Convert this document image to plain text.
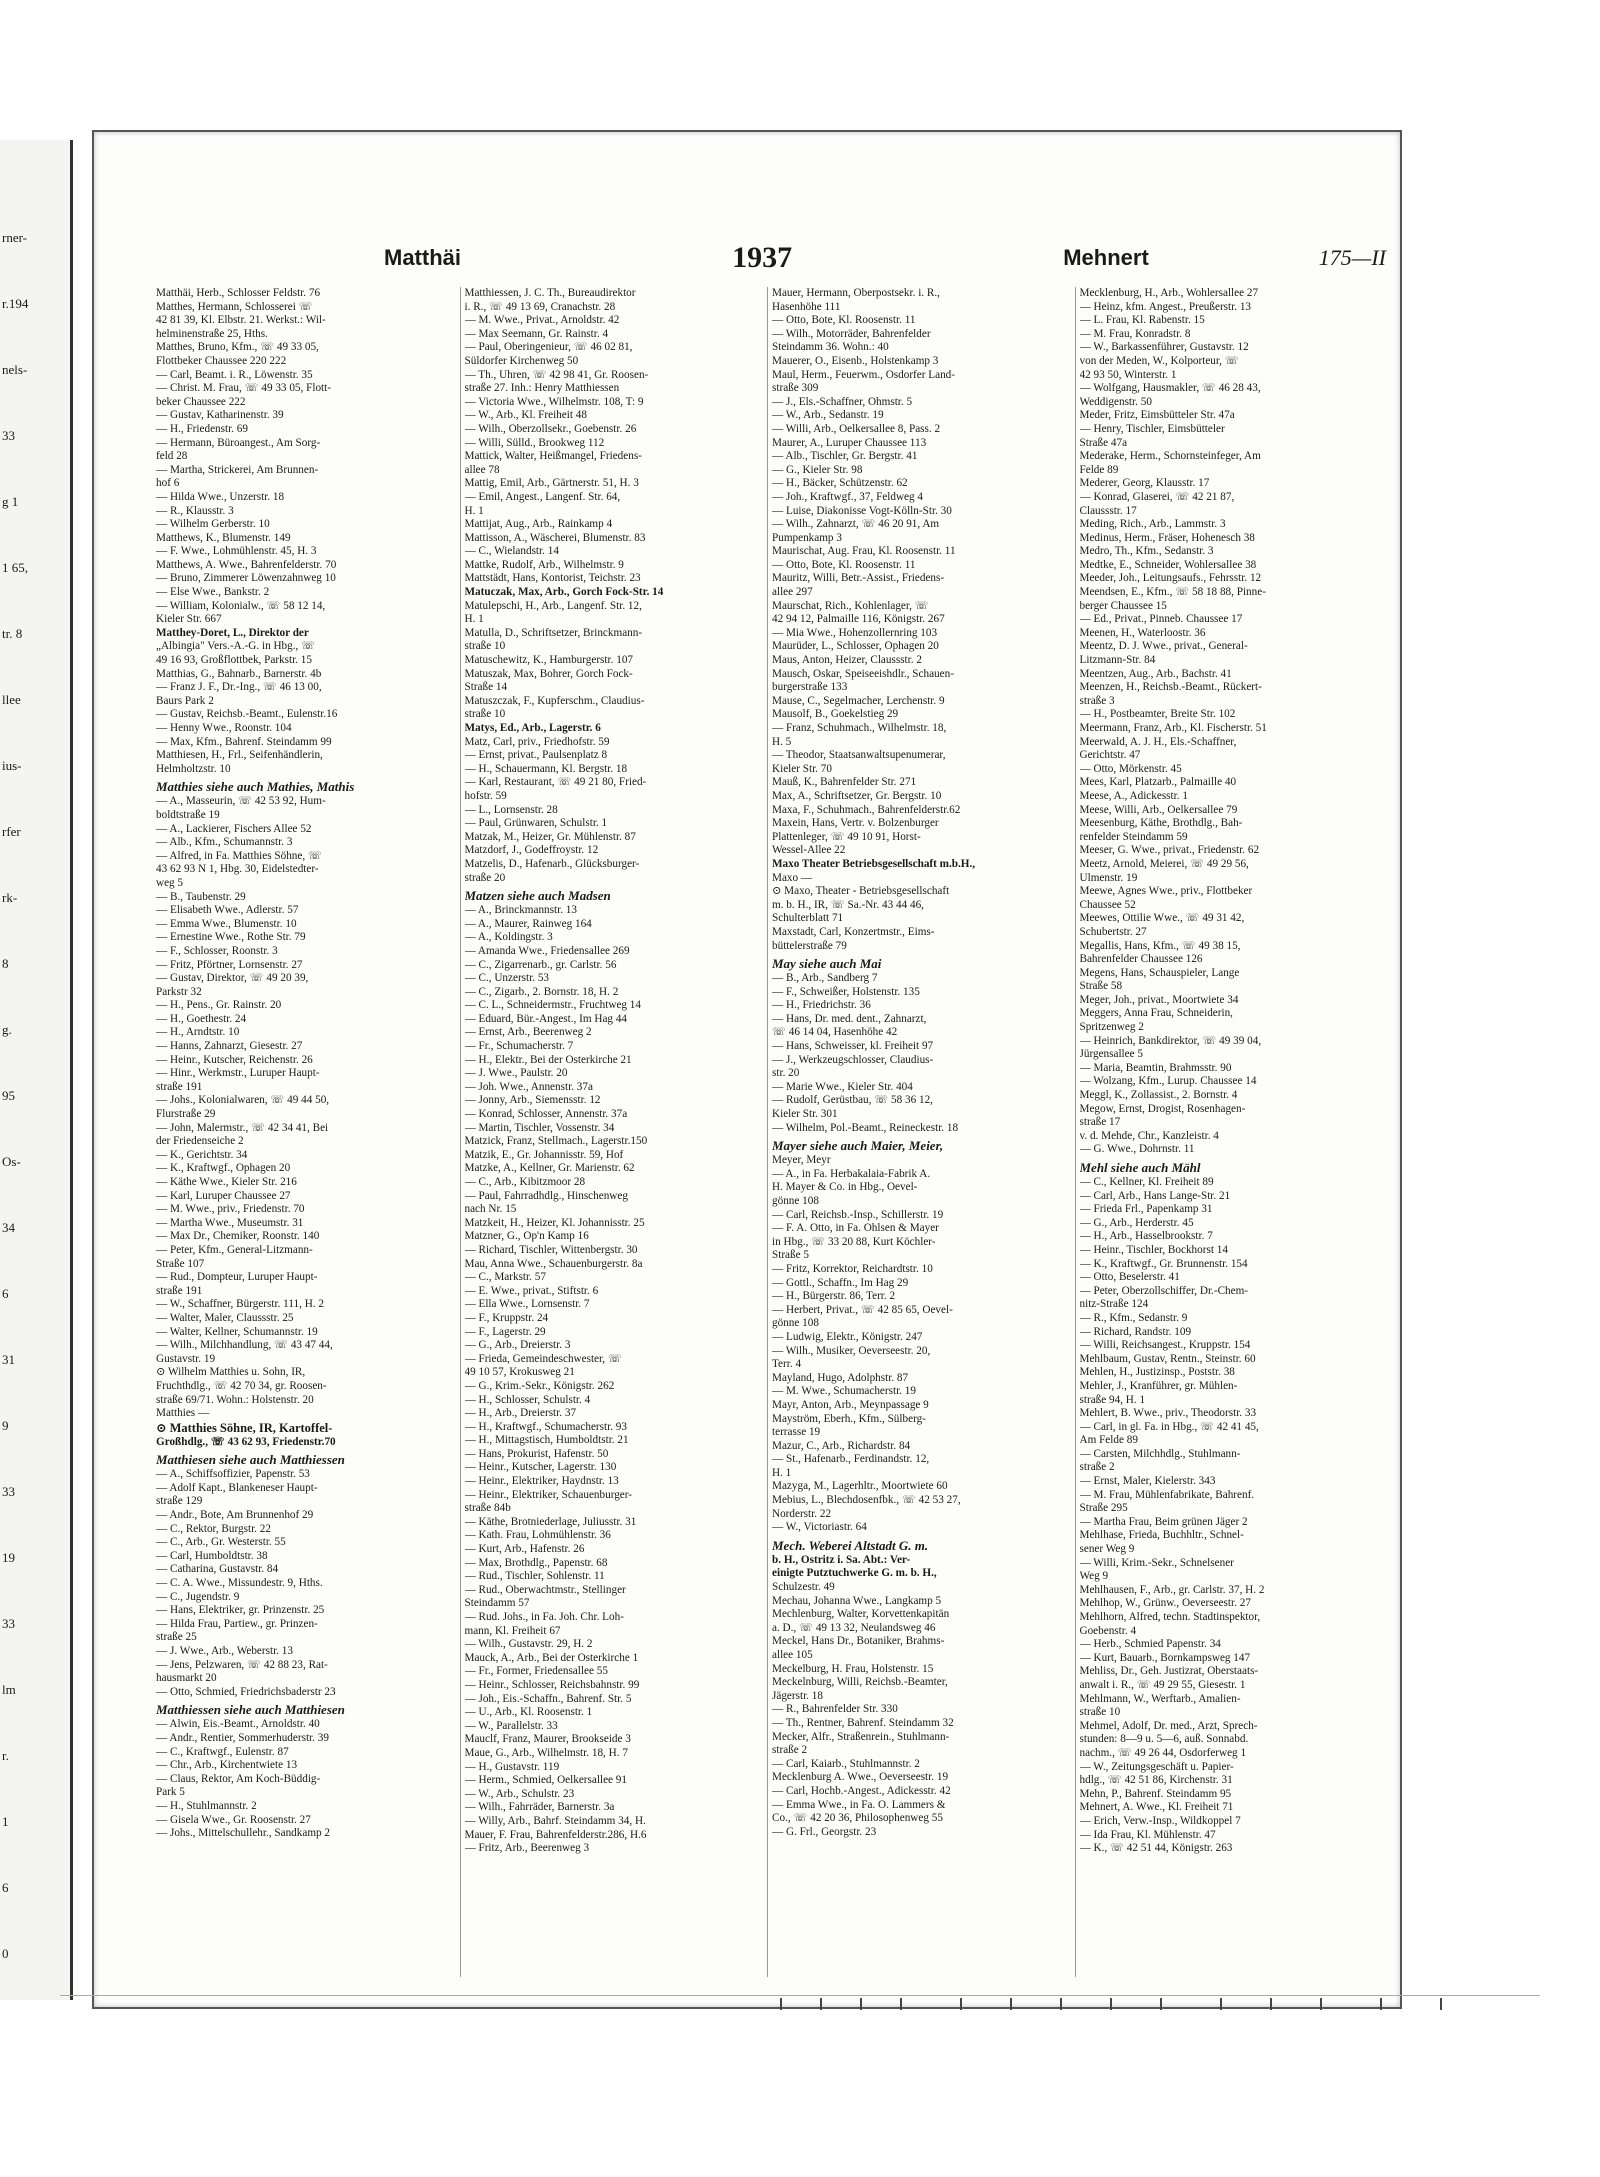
rner-
r.194
nels-
33
g 1
1 65,
tr. 8
llee
ius-
rfer
rk-
8
g.
95
Os-
34
6
31
9
33
19
33
lm
r.
1
6
0
Matthäi	1937	Mehnert	175—II
Matthäi, Herb., Schlosser Feldstr. 76
Matthes, Hermann, Schlosserei ☏
42 81 39, Kl. Elbstr. 21. Werkst.: Wil-
helminenstraße 25, Hths.
Matthes, Bruno, Kfm., ☏ 49 33 05,
Flottbeker Chaussee 220 222
— Carl, Beamt. i. R., Löwenstr. 35
— Christ. M. Frau, ☏ 49 33 05, Flott-
beker Chaussee 222
— Gustav, Katharinenstr. 39
— H., Friedenstr. 69
— Hermann, Büroangest., Am Sorg-
feld 28
— Martha, Strickerei, Am Brunnen-
hof 6
— Hilda Wwe., Unzerstr. 18
— R., Klausstr. 3
— Wilhelm Gerberstr. 10
Matthews, K., Blumenstr. 149
— F. Wwe., Lohmühlenstr. 45, H. 3
Matthews, A. Wwe., Bahrenfelderstr. 70
— Bruno, Zimmerer Löwenzahnweg 10
— Else Wwe., Bankstr. 2
— William, Kolonialw., ☏ 58 12 14,
Kieler Str. 667
Matthey-Doret, L., Direktor der
„Albingia" Vers.-A.-G. in Hbg., ☏
49 16 93, Großflottbek, Parkstr. 15
Matthias, G., Bahnarb., Barnerstr. 4b
— Franz J. F., Dr.-Ing., ☏ 46 13 00,
Baurs Park 2
— Gustav, Reichsb.-Beamt., Eulenstr.16
— Henny Wwe., Roonstr. 104
— Max, Kfm., Bahrenf. Steindamm 99
Matthiesen, H., Frl., Seifenhändlerin,
Helmholtzstr. 10
Matthies siehe auch Mathies, Mathis
— A., Masseurin, ☏ 42 53 92, Hum-
boldtstraße 19
— A., Lackierer, Fischers Allee 52
— Alb., Kfm., Schumannstr. 3
— Alfred, in Fa. Matthies Söhne, ☏
43 62 93 N 1, Hbg. 30, Eidelstedter-
weg 5
— B., Taubenstr. 29
— Elisabeth Wwe., Adlerstr. 57
— Emma Wwe., Blumenstr. 10
— Ernestine Wwe., Rothe Str. 79
— F., Schlosser, Roonstr. 3
— Fritz, Pförtner, Lornsenstr. 27
— Gustav, Direktor, ☏ 49 20 39,
Parkstr 32
— H., Pens., Gr. Rainstr. 20
— H., Goethestr. 24
— H., Arndtstr. 10
— Hanns, Zahnarzt, Giesestr. 27
— Heinr., Kutscher, Reichenstr. 26
— Hinr., Werkmstr., Luruper Haupt-
straße 191
— Johs., Kolonialwaren, ☏ 49 44 50,
Flurstraße 29
— John, Malermstr., ☏ 42 34 41, Bei
der Friedenseiche 2
— K., Gerichtstr. 34
— K., Kraftwgf., Ophagen 20
— Käthe Wwe., Kieler Str. 216
— Karl, Luruper Chaussee 27
— M. Wwe., priv., Friedenstr. 70
— Martha Wwe., Museumstr. 31
— Max Dr., Chemiker, Roonstr. 140
— Peter, Kfm., General-Litzmann-
Straße 107
— Rud., Dompteur, Luruper Haupt-
straße 191
— W., Schaffner, Bürgerstr. 111, H. 2
— Walter, Maler, Claussstr. 25
— Walter, Kellner, Schumannstr. 19
— Wilh., Milchhandlung, ☏ 43 47 44,
Gustavstr. 19
⊙ Wilhelm Matthies u. Sohn, IR,
Fruchthdlg., ☏ 42 70 34, gr. Roosen-
straße 69/71. Wohn.: Holstenstr. 20
Matthies —
⊙ Matthies Söhne, IR, Kartoffel-
Großhdlg., ☏ 43 62 93, Friedenstr.70
Matthiesen siehe auch Matthiessen
— A., Schiffsoffizier, Papenstr. 53
— Adolf Kapt., Blankeneser Haupt-
straße 129
— Andr., Bote, Am Brunnenhof 29
— C., Rektor, Burgstr. 22
— C., Arb., Gr. Westerstr. 55
— Carl, Humboldtstr. 38
— Catharina, Gustavstr. 84
— C. A. Wwe., Missundestr. 9, Hths.
— C., Jugendstr. 9
— Hans, Elektriker, gr. Prinzenstr. 25
— Hilda Frau, Partiew., gr. Prinzen-
straße 25
— J. Wwe., Arb., Weberstr. 13
— Jens, Pelzwaren, ☏ 42 88 23, Rat-
hausmarkt 20
— Otto, Schmied, Friedrichsbaderstr 23
Matthiessen siehe auch Matthiesen
— Alwin, Eis.-Beamt., Arnoldstr. 40
— Andr., Rentier, Sommerhuderstr. 39
— C., Kraftwgf., Eulenstr. 87
— Chr., Arb., Kirchentwiete 13
— Claus, Rektor, Am Koch-Büddig-
Park 5
— H., Stuhlmannstr. 2
— Gisela Wwe., Gr. Roosenstr. 27
— Johs., Mittelschullehr., Sandkamp 2
Matthiessen, J. C. Th., Bureaudirektor
i. R., ☏ 49 13 69, Cranachstr. 28
— M. Wwe., Privat., Arnoldstr. 42
— Max Seemann, Gr. Rainstr. 4
— Paul, Oberingenieur, ☏ 46 02 81,
Süldorfer Kirchenweg 50
— Th., Uhren, ☏ 42 98 41, Gr. Roosen-
straße 27. Inh.: Henry Matthiessen
— Victoria Wwe., Wilhelmstr. 108, T: 9
— W., Arb., Kl. Freiheit 48
— Wilh., Oberzollsekr., Goebenstr. 26
— Willi, Sülld., Brookweg 112
Mattick, Walter, Heißmangel, Friedens-
allee 78
Mattig, Emil, Arb., Gärtnerstr. 51, H. 3
— Emil, Angest., Langenf. Str. 64,
H. 1
Mattijat, Aug., Arb., Rainkamp 4
Mattisson, A., Wäscherei, Blumenstr. 83
— C., Wielandstr. 14
Mattke, Rudolf, Arb., Wilhelmstr. 9
Mattstädt, Hans, Kontorist, Teichstr. 23
Matuczak, Max, Arb., Gorch Fock-Str. 14
Matulepschi, H., Arb., Langenf. Str. 12,
H. 1
Matulla, D., Schriftsetzer, Brinckmann-
straße 10
Matuschewitz, K., Hamburgerstr. 107
Matuszak, Max, Bohrer, Gorch Fock-
Straße 14
Matuszczak, F., Kupferschm., Claudius-
straße 10
Matys, Ed., Arb., Lagerstr. 6
Matz, Carl, priv., Friedhofstr. 59
— Ernst, privat., Paulsenplatz 8
— H., Schauermann, Kl. Bergstr. 18
— Karl, Restaurant, ☏ 49 21 80, Fried-
hofstr. 59
— L., Lornsenstr. 28
— Paul, Grünwaren, Schulstr. 1
Matzak, M., Heizer, Gr. Mühlenstr. 87
Matzdorf, J., Godeffroystr. 12
Matzelis, D., Hafenarb., Glücksburger-
straße 20
Matzen siehe auch Madsen
— A., Brinckmannstr. 13
— A., Maurer, Rainweg 164
— A., Koldingstr. 3
— Amanda Wwe., Friedensallee 269
— C., Zigarrenarb., gr. Carlstr. 56
— C., Unzerstr. 53
— C., Zigarb., 2. Bornstr. 18, H. 2
— C. L., Schneidermstr., Fruchtweg 14
— Eduard, Bür.-Angest., Im Hag 44
— Ernst, Arb., Beerenweg 2
— Fr., Schumacherstr. 7
— H., Elektr., Bei der Osterkirche 21
— J. Wwe., Paulstr. 20
— Joh. Wwe., Annenstr. 37a
— Jonny, Arb., Siemensstr. 12
— Konrad, Schlosser, Annenstr. 37a
— Martin, Tischler, Vossenstr. 34
Matzick, Franz, Stellmach., Lagerstr.150
Matzik, E., Gr. Johannisstr. 59, Hof
Matzke, A., Kellner, Gr. Marienstr. 62
— C., Arb., Kibitzmoor 28
— Paul, Fahrradhdlg., Hinschenweg
nach Nr. 15
Matzkeit, H., Heizer, Kl. Johannisstr. 25
Matzner, G., Op'n Kamp 16
— Richard, Tischler, Wittenbergstr. 30
Mau, Anna Wwe., Schauenburgerstr. 8a
— C., Markstr. 57
— E. Wwe., privat., Stiftstr. 6
— Ella Wwe., Lornsenstr. 7
— F., Kruppstr. 24
— F., Lagerstr. 29
— G., Arb., Dreierstr. 3
— Frieda, Gemeindeschwester, ☏
49 10 57, Krokusweg 21
— G., Krim.-Sekr., Königstr. 262
— H., Schlosser, Schulstr. 4
— H., Arb., Dreierstr. 37
— H., Kraftwgf., Schumacherstr. 93
— H., Mittagstisch, Humboldtstr. 21
— Hans, Prokurist, Hafenstr. 50
— Heinr., Kutscher, Lagerstr. 130
— Heinr., Elektriker, Haydnstr. 13
— Heinr., Elektriker, Schauenburger-
straße 84b
— Käthe, Brotniederlage, Juliusstr. 31
— Kath. Frau, Lohmühlenstr. 36
— Kurt, Arb., Hafenstr. 26
— Max, Brothdlg., Papenstr. 68
— Rud., Tischler, Sohlenstr. 11
— Rud., Oberwachtmstr., Stellinger
Steindamm 57
— Rud. Johs., in Fa. Joh. Chr. Loh-
mann, Kl. Freiheit 67
— Wilh., Gustavstr. 29, H. 2
Mauck, A., Arb., Bei der Osterkirche 1
— Fr., Former, Friedensallee 55
— Heinr., Schlosser, Reichsbahnstr. 99
— Joh., Eis.-Schaffn., Bahrenf. Str. 5
— U., Arb., Kl. Roosenstr. 1
— W., Parallelstr. 33
Mauclf, Franz, Maurer, Brookseide 3
Maue, G., Arb., Wilhelmstr. 18, H. 7
— H., Gustavstr. 119
— Herm., Schmied, Oelkersallee 91
— W., Arb., Schulstr. 23
— Wilh., Fahrräder, Barnerstr. 3a
— Willy, Arb., Bahrf. Steindamm 34, H.
Mauer, F. Frau, Bahrenfelderstr.286, H.6
— Fritz, Arb., Beerenweg 3
Mauer, Hermann, Oberpostsekr. i. R.,
Hasenhöhe 111
— Otto, Bote, Kl. Roosenstr. 11
— Wilh., Motorräder, Bahrenfelder
Steindamm 36. Wohn.: 40
Mauerer, O., Eisenb., Holstenkamp 3
Maul, Herm., Feuerwm., Osdorfer Land-
straße 309
— J., Els.-Schaffner, Ohmstr. 5
— W., Arb., Sedanstr. 19
— Willi, Arb., Oelkersallee 8, Pass. 2
Maurer, A., Luruper Chaussee 113
— Alb., Tischler, Gr. Bergstr. 41
— G., Kieler Str. 98
— H., Bäcker, Schützenstr. 62
— Joh., Kraftwgf., 37, Feldweg 4
— Luise, Diakonisse Vogt-Kölln-Str. 30
— Wilh., Zahnarzt, ☏ 46 20 91, Am
Pumpenkamp 3
Maurischat, Aug. Frau, Kl. Roosenstr. 11
— Otto, Bote, Kl. Roosenstr. 11
Mauritz, Willi, Betr.-Assist., Friedens-
allee 297
Maurschat, Rich., Kohlenlager, ☏
42 94 12, Palmaille 116, Königstr. 267
— Mia Wwe., Hohenzollernring 103
Maurüder, L., Schlosser, Ophagen 20
Maus, Anton, Heizer, Claussstr. 2
Mausch, Oskar, Speiseeishdlr., Schauen-
burgerstraße 133
Mause, C., Segelmacher, Lerchenstr. 9
Mausolf, B., Goekelstieg 29
— Franz, Schuhmach., Wilhelmstr. 18,
H. 5
— Theodor, Staatsanwaltsupenumerar,
Kieler Str. 70
Mauß, K., Bahrenfelder Str. 271
Max, A., Schriftsetzer, Gr. Bergstr. 10
Maxa, F., Schuhmach., Bahrenfelderstr.62
Maxein, Hans, Vertr. v. Bolzenburger
Plattenleger, ☏ 49 10 91, Horst-
Wessel-Allee 22
Maxo Theater Betriebsgesellschaft m.b.H.,
Maxo —
⊙ Maxo, Theater - Betriebsgesellschaft
m. b. H., IR, ☏ Sa.-Nr. 43 44 46,
Schulterblatt 71
Maxstadt, Carl, Konzertmstr., Eims-
büttelerstraße 79
May siehe auch Mai
— B., Arb., Sandberg 7
— F., Schweißer, Holstenstr. 135
— H., Friedrichstr. 36
— Hans, Dr. med. dent., Zahnarzt,
☏ 46 14 04, Hasenhöhe 42
— Hans, Schweisser, kl. Freiheit 97
— J., Werkzeugschlosser, Claudius-
str. 20
— Marie Wwe., Kieler Str. 404
— Rudolf, Gerüstbau, ☏ 58 36 12,
Kieler Str. 301
— Wilhelm, Pol.-Beamt., Reineckestr. 18
Mayer siehe auch Maier, Meier,
Meyer, Meyr
— A., in Fa. Herbakalaia-Fabrik A.
H. Mayer & Co. in Hbg., Oevel-
gönne 108
— Carl, Reichsb.-Insp., Schillerstr. 19
— F. A. Otto, in Fa. Ohlsen & Mayer
in Hbg., ☏ 33 20 88, Kurt Köchler-
Straße 5
— Fritz, Korrektor, Reichardtstr. 10
— Gottl., Schaffn., Im Hag 29
— H., Bürgerstr. 86, Terr. 2
— Herbert, Privat., ☏ 42 85 65, Oevel-
gönne 108
— Ludwig, Elektr., Königstr. 247
— Wilh., Musiker, Oeverseestr. 20,
Terr. 4
Mayland, Hugo, Adolphstr. 87
— M. Wwe., Schumacherstr. 19
Mayr, Anton, Arb., Meynpassage 9
Mayström, Eberh., Kfm., Sülberg-
terrasse 19
Mazur, C., Arb., Richardstr. 84
— St., Hafenarb., Ferdinandstr. 12,
H. 1
Mazyga, M., Lagerhltr., Moortwiete 60
Mebius, L., Blechdosenfbk., ☏ 42 53 27,
Norderstr. 22
— W., Victoriastr. 64
Mech. Weberei Altstadt G. m.
b. H., Ostritz i. Sa. Abt.: Ver-
einigte Putztuchwerke G. m. b. H.,
Schulzestr. 49
Mechau, Johanna Wwe., Langkamp 5
Mechlenburg, Walter, Korvettenkapitän
a. D., ☏ 49 13 32, Neulandsweg 46
Meckel, Hans Dr., Botaniker, Brahms-
allee 105
Meckelburg, H. Frau, Holstenstr. 15
Meckelnburg, Willi, Reichsb.-Beamter,
Jägerstr. 18
— R., Bahrenfelder Str. 330
— Th., Rentner, Bahrenf. Steindamm 32
Mecker, Alfr., Straßenrein., Stuhlmann-
straße 2
— Carl, Kaiarb., Stuhlmannstr. 2
Mecklenburg A. Wwe., Oeverseestr. 19
— Carl, Hochb.-Angest., Adickesstr. 42
— Emma Wwe., in Fa. O. Lammers &
Co., ☏ 42 20 36, Philosophenweg 55
— G. Frl., Georgstr. 23
Mecklenburg, H., Arb., Wohlersallee 27
— Heinz, kfm. Angest., Preußerstr. 13
— L. Frau, Kl. Rabenstr. 15
— M. Frau, Konradstr. 8
— W., Barkassenführer, Gustavstr. 12
von der Meden, W., Kolporteur, ☏
42 93 50, Winterstr. 1
— Wolfgang, Hausmakler, ☏ 46 28 43,
Weddigenstr. 50
Meder, Fritz, Eimsbütteler Str. 47a
— Henry, Tischler, Eimsbütteler
Straße 47a
Mederake, Herm., Schornsteinfeger, Am
Felde 89
Mederer, Georg, Klausstr. 17
— Konrad, Glaserei, ☏ 42 21 87,
Claussstr. 17
Meding, Rich., Arb., Lammstr. 3
Medinus, Herm., Fräser, Hohenesch 38
Medro, Th., Kfm., Sedanstr. 3
Medtke, E., Schneider, Wohlersallee 38
Meeder, Joh., Leitungsaufs., Fehrsstr. 12
Meendsen, E., Kfm., ☏ 58 18 88, Pinne-
berger Chaussee 15
— Ed., Privat., Pinneb. Chaussee 17
Meenen, H., Waterloostr. 36
Meentz, D. J. Wwe., privat., General-
Litzmann-Str. 84
Meentzen, Aug., Arb., Bachstr. 41
Meenzen, H., Reichsb.-Beamt., Rückert-
straße 3
— H., Postbeamter, Breite Str. 102
Meermann, Franz, Arb., Kl. Fischerstr. 51
Meerwald, A. J. H., Els.-Schaffner,
Gerichtstr. 47
— Otto, Mörkenstr. 45
Mees, Karl, Platzarb., Palmaille 40
Meese, A., Adickesstr. 1
Meese, Willi, Arb., Oelkersallee 79
Meesenburg, Käthe, Brothdlg., Bah-
renfelder Steindamm 59
Meeser, G. Wwe., privat., Friedenstr. 62
Meetz, Arnold, Meierei, ☏ 49 29 56,
Ulmenstr. 19
Meewe, Agnes Wwe., priv., Flottbeker
Chaussee 52
Meewes, Ottilie Wwe., ☏ 49 31 42,
Schubertstr. 27
Megallis, Hans, Kfm., ☏ 49 38 15,
Bahrenfelder Chaussee 126
Megens, Hans, Schauspieler, Lange
Straße 58
Meger, Joh., privat., Moortwiete 34
Meggers, Anna Frau, Schneiderin,
Spritzenweg 2
— Heinrich, Bankdirektor, ☏ 49 39 04,
Jürgensallee 5
— Maria, Beamtin, Brahmsstr. 90
— Wolzang, Kfm., Lurup. Chaussee 14
Meggl, K., Zollassist., 2. Bornstr. 4
Megow, Ernst, Drogist, Rosenhagen-
straße 17
v. d. Mehde, Chr., Kanzleistr. 4
— G. Wwe., Dohrnstr. 11
Mehl siehe auch Mähl
— C., Kellner, Kl. Freiheit 89
— Carl, Arb., Hans Lange-Str. 21
— Frieda Frl., Papenkamp 31
— G., Arb., Herderstr. 45
— H., Arb., Hasselbrookstr. 7
— Heinr., Tischler, Bockhorst 14
— K., Kraftwgf., Gr. Brunnenstr. 154
— Otto, Beselerstr. 41
— Peter, Oberzollschiffer, Dr.-Chem-
nitz-Straße 124
— R., Kfm., Sedanstr. 9
— Richard, Randstr. 109
— Willi, Reichsangest., Kruppstr. 154
Mehlbaum, Gustav, Rentn., Steinstr. 60
Mehlen, H., Justizinsp., Poststr. 38
Mehler, J., Kranführer, gr. Mühlen-
straße 94, H. 1
Mehlert, B. Wwe., priv., Theodorstr. 33
— Carl, in gl. Fa. in Hbg., ☏ 42 41 45,
Am Felde 89
— Carsten, Milchhdlg., Stuhlmann-
straße 2
— Ernst, Maler, Kielerstr. 343
— M. Frau, Mühlenfabrikate, Bahrenf.
Straße 295
— Martha Frau, Beim grünen Jäger 2
Mehlhase, Frieda, Buchhltr., Schnel-
sener Weg 9
— Willi, Krim.-Sekr., Schnelsener
Weg 9
Mehlhausen, F., Arb., gr. Carlstr. 37, H. 2
Mehlhop, W., Grünw., Oeverseestr. 27
Mehlhorn, Alfred, techn. Stadtinspektor,
Goebenstr. 4
— Herb., Schmied Papenstr. 34
— Kurt, Bauarb., Bornkampsweg 147
Mehliss, Dr., Geh. Justizrat, Oberstaats-
anwalt i. R., ☏ 49 29 55, Giesestr. 1
Mehlmann, W., Werftarb., Amalien-
straße 10
Mehmel, Adolf, Dr. med., Arzt, Sprech-
stunden: 8—9 u. 5—6, auß. Sonnabd.
nachm., ☏ 49 26 44, Osdorferweg 1
— W., Zeitungsgeschäft u. Papier-
hdlg., ☏ 42 51 86, Kirchenstr. 31
Mehn, P., Bahrenf. Steindamm 95
Mehnert, A. Wwe., Kl. Freiheit 71
— Erich, Verw.-Insp., Wildkoppel 7
— Ida Frau, Kl. Mühlenstr. 47
— K., ☏ 42 51 44, Königstr. 263
